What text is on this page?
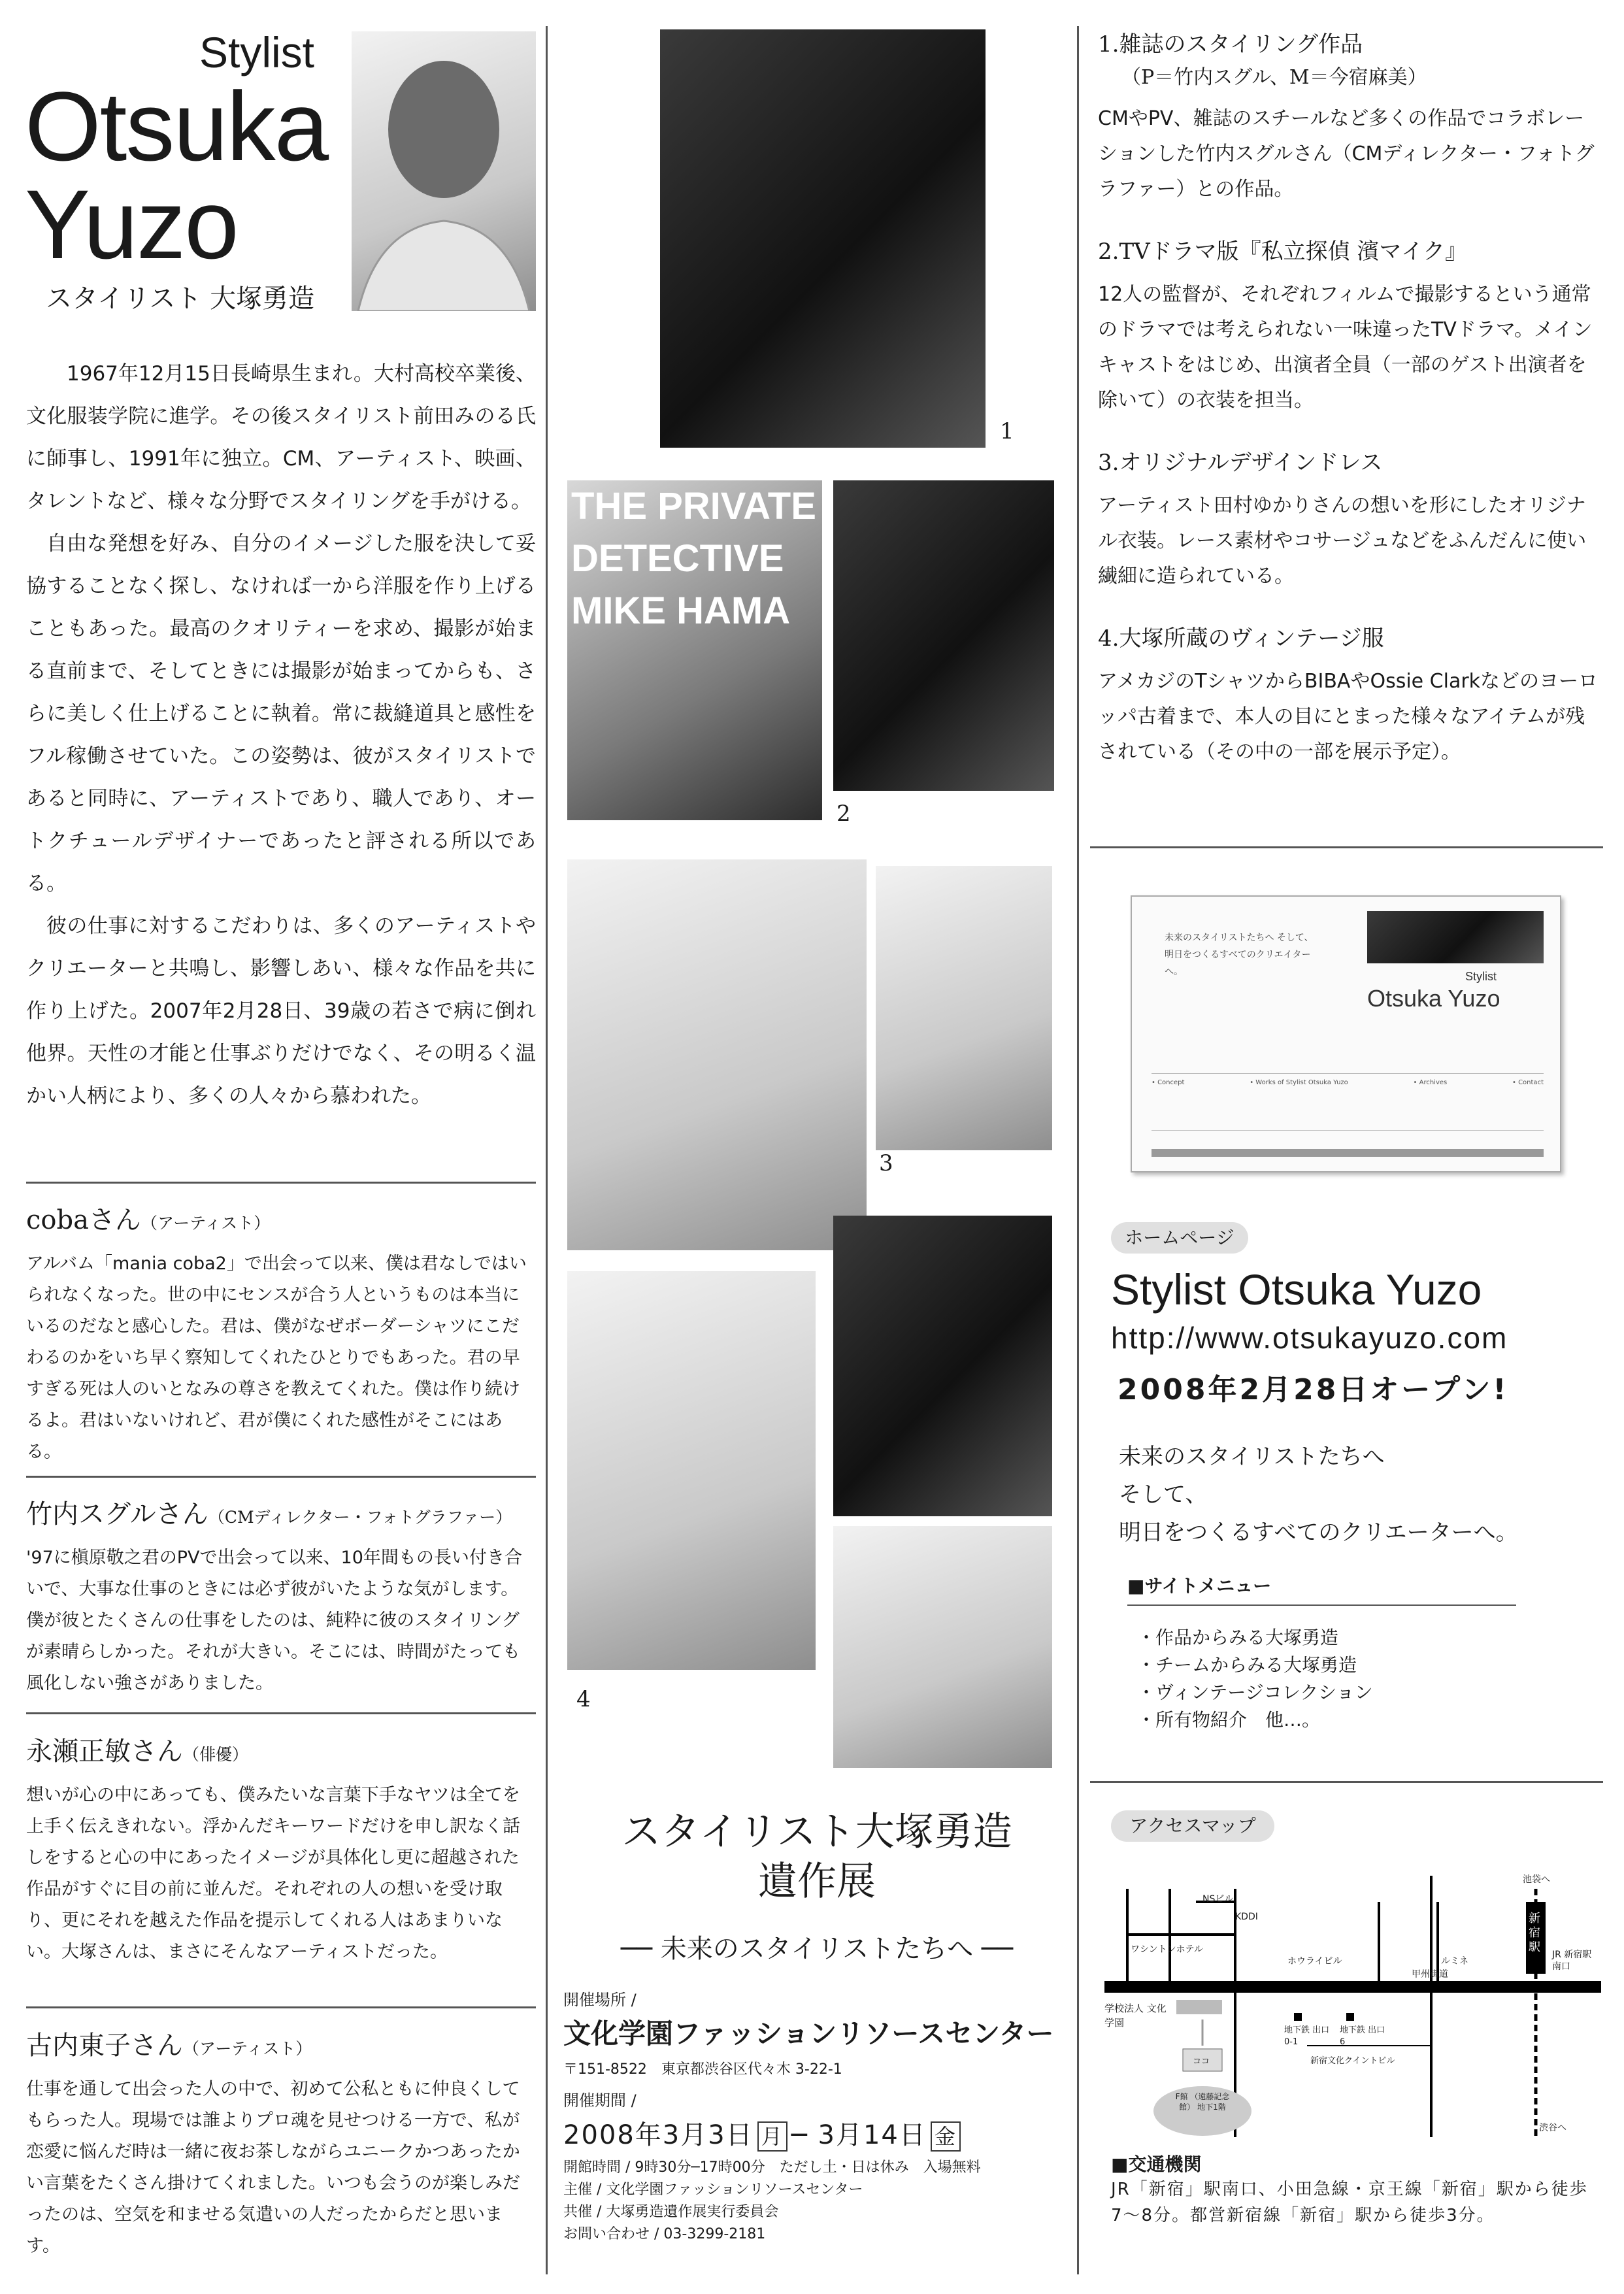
Stylist
Otsuka
Yuzo
スタイリスト 大塚勇造
1967年12月15日長崎県生まれ。大村高校卒業後、文化服装学院に進学。その後スタイリスト前田みのる氏に師事し、1991年に独立。CM、アーティスト、映画、タレントなど、様々な分野でスタイリングを手がける。
自由な発想を好み、自分のイメージした服を決して妥協することなく探し、なければ一から洋服を作り上げることもあった。最高のクオリティーを求め、撮影が始まる直前まで、そしてときには撮影が始まってからも、さらに美しく仕上げることに執着。常に裁縫道具と感性をフル稼働させていた。この姿勢は、彼がスタイリストであると同時に、アーティストであり、職人であり、オートクチュールデザイナーであったと評される所以である。
彼の仕事に対するこだわりは、多くのアーティストやクリエーターと共鳴し、影響しあい、様々な作品を共に作り上げた。2007年2月28日、39歳の若さで病に倒れ他界。天性の才能と仕事ぶりだけでなく、その明るく温かい人柄により、多くの人々から慕われた。
cobaさん（アーティスト）
アルバム「mania coba2」で出会って以来、僕は君なしではいられなくなった。世の中にセンスが合う人というものは本当にいるのだなと感心した。君は、僕がなぜボーダーシャツにこだわるのかをいち早く察知してくれたひとりでもあった。君の早すぎる死は人のいとなみの尊さを教えてくれた。僕は作り続けるよ。君はいないけれど、君が僕にくれた感性がそこにはある。
竹内スグルさん（CMディレクター・フォトグラファー）
'97に槇原敬之君のPVで出会って以来、10年間もの長い付き合いで、大事な仕事のときには必ず彼がいたような気がします。僕が彼とたくさんの仕事をしたのは、純粋に彼のスタイリングが素晴らしかった。それが大きい。そこには、時間がたっても風化しない強さがありました。
永瀬正敏さん（俳優）
想いが心の中にあっても、僕みたいな言葉下手なヤツは全てを上手く伝えきれない。浮かんだキーワードだけを申し訳なく話しをすると心の中にあったイメージが具体化し更に超越された作品がすぐに目の前に並んだ。それぞれの人の想いを受け取り、更にそれを越えた作品を提示してくれる人はあまりいない。大塚さんは、まさにそんなアーティストだった。
古内東子さん（アーティスト）
仕事を通して出会った人の中で、初めて公私ともに仲良くしてもらった人。現場では誰よりプロ魂を見せつける一方で、私が恋愛に悩んだ時は一緒に夜お茶しながらユニークかつあったかい言葉をたくさん掛けてくれました。いつも会うのが楽しみだったのは、空気を和ませる気遣いの人だったからだと思います。
1
THE PRIVATE
DETECTIVE
MIKE HAMA
2
3
4
スタイリスト大塚勇造
遺作展
── 未来のスタイリストたちへ ──
開催場所 /
文化学園ファッションリソースセンター
〒151-8522　東京都渋谷区代々木 3-22-1
開催期間 /
2008年3月3日 月 ─ 3月14日 金
開館時間 / 9時30分─17時00分　ただし土・日は休み　入場無料
主催 / 文化学園ファッションリソースセンター
共催 / 大塚勇造遺作展実行委員会
お問い合わせ / 03-3299-2181
1.雑誌のスタイリング作品
（P＝竹内スグル、M＝今宿麻美）
CMやPV、雑誌のスチールなど多くの作品でコラボレーションした竹内スグルさん（CMディレクター・フォトグラファー）との作品。
2.TVドラマ版『私立探偵 濱マイク』
12人の監督が、それぞれフィルムで撮影するという通常のドラマでは考えられない一味違ったTVドラマ。メインキャストをはじめ、出演者全員（一部のゲスト出演者を除いて）の衣装を担当。
3.オリジナルデザインドレス
アーティスト田村ゆかりさんの想いを形にしたオリジナル衣装。レース素材やコサージュなどをふんだんに使い繊細に造られている。
4.大塚所蔵のヴィンテージ服
アメカジのTシャツからBIBAやOssie Clarkなどのヨーロッパ古着まで、本人の目にとまった様々なアイテムが残されている（その中の一部を展示予定）。
未来のスタイリストたちへ そして、 明日をつくるすべてのクリエイターへ。	Stylist
Otsuka Yuzo
• Concept	• Works of Stylist Otsuka Yuzo	• Archives	• Contact
ホームページ
Stylist Otsuka Yuzo
http://www.otsukayuzo.com
2008年2月28日オープン!
未来のスタイリストたちへ
そして、
明日をつくるすべてのクリエーターへ。
■サイトメニュー
・作品からみる大塚勇造
・チームからみる大塚勇造
・ヴィンテージコレクション
・所有物紹介　他…。
アクセスマップ
NSビル
KDDI
ワシントンホテル
ホウライビル	ルミネ
JR 新宿駅 南口
甲州街道
池袋へ
新宿駅
学校法人 文化学園
地下鉄 出口 0-1
地下鉄 出口 6
ココ
F館 （遠藤記念館） 地下1階
新宿文化クイントビル
渋谷へ
■交通機関
JR「新宿」駅南口、小田急線・京王線「新宿」駅から徒歩7〜8分。都営新宿線「新宿」駅から徒歩3分。
